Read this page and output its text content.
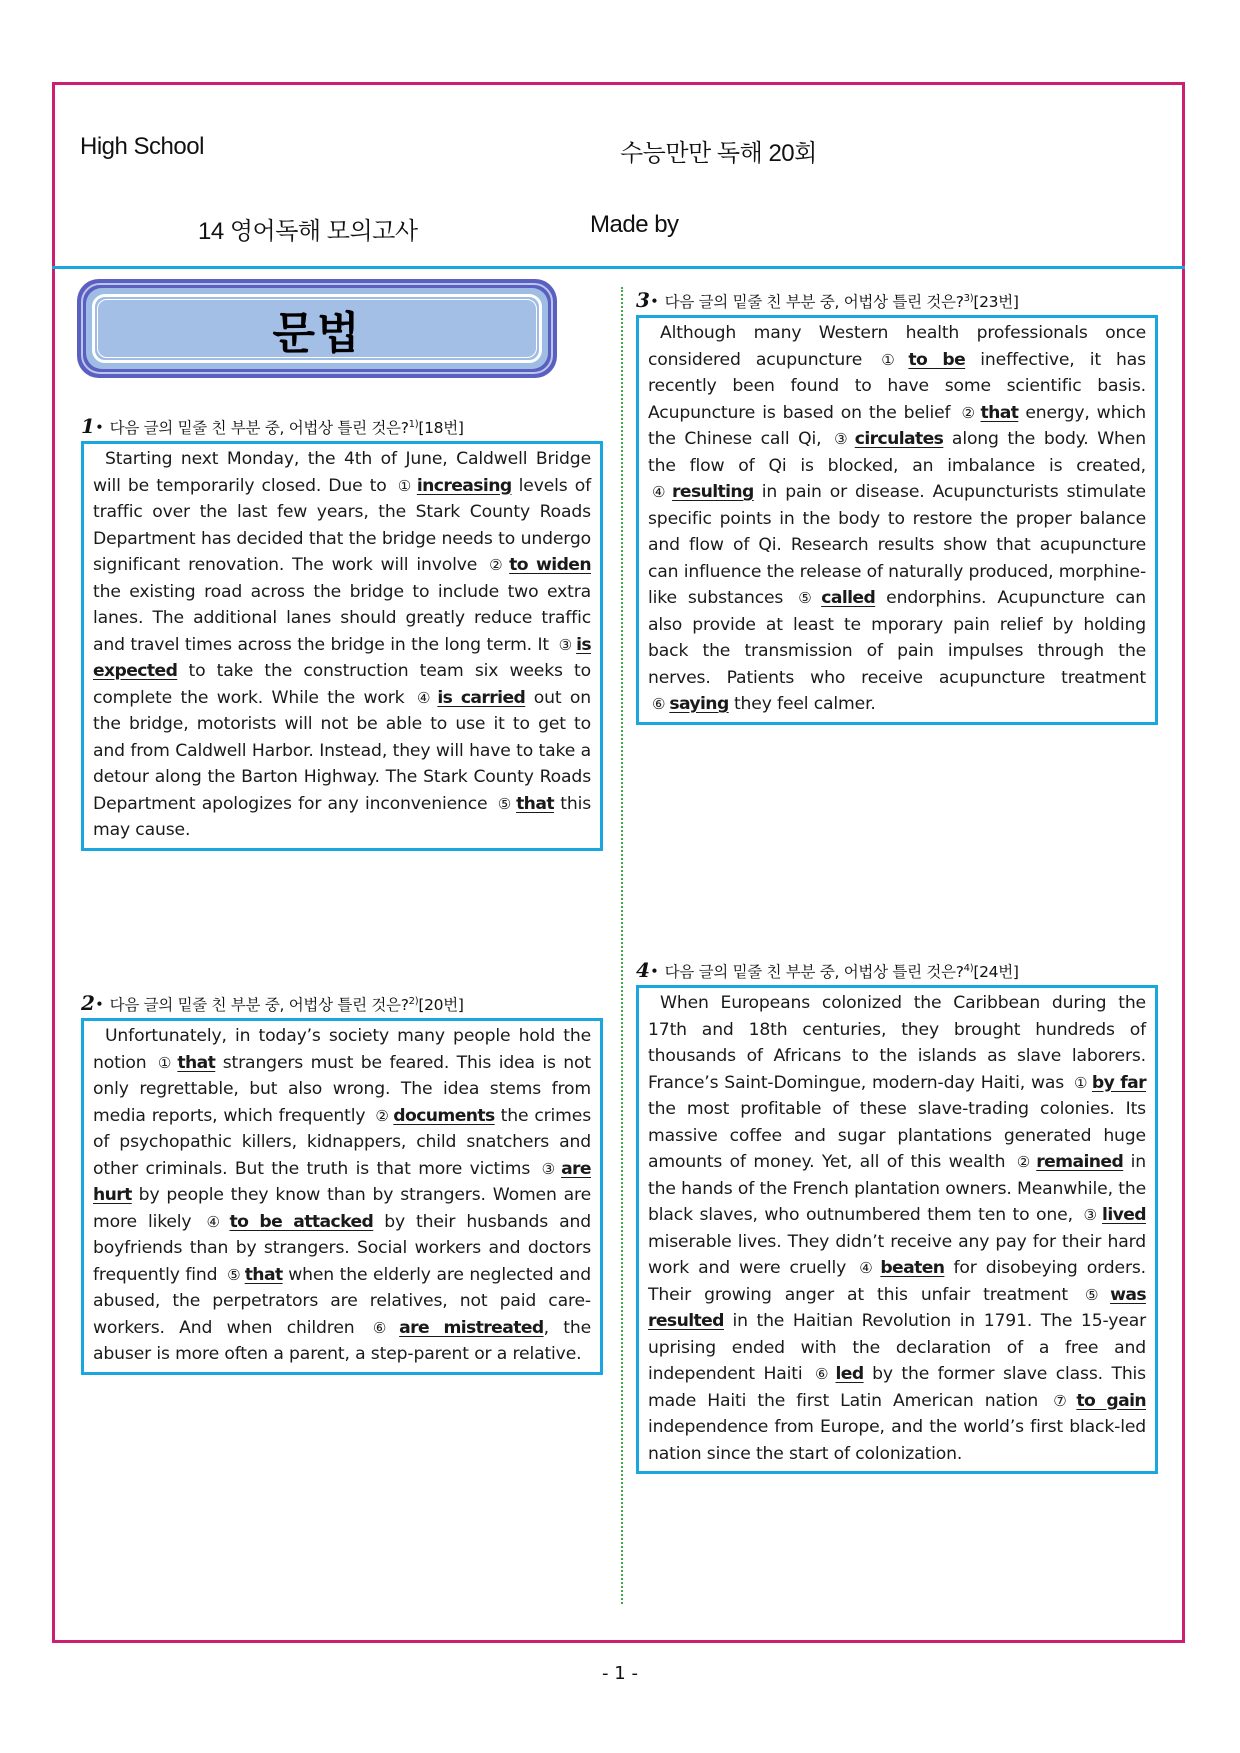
High School	수능만만 독해 20회
14 영어독해 모의고사	Made by
문법
1 • 다음 글의 밑줄 친 부분 중, 어법상 틀린 것은?$^{1)}$[18번]
Starting next Monday, the 4th of June, Caldwell Bridge will be temporarily closed. Due to ① increasing levels of traffic over the last few years, the Stark County Roads Department has decided that the bridge needs to undergo significant renovation. The work will involve ② to widen the existing road across the bridge to include two extra lanes. The additional lanes should greatly reduce traffic and travel times across the bridge in the long term. It ③ is expected to take the construction team six weeks to complete the work. While the work ④ is carried out on the bridge, motorists will not be able to use it to get to and from Caldwell Harbor. Instead, they will have to take a detour along the Barton Highway. The Stark County Roads Department apologizes for any inconvenience ⑤ that this may cause.
2 • 다음 글의 밑줄 친 부분 중, 어법상 틀린 것은?$^{2)}$[20번]
Unfortunately, in today’s society many people hold the notion ① that strangers must be feared. This idea is not only regrettable, but also wrong. The idea stems from media reports, which frequently ② documents the crimes of psychopathic killers, kidnappers, child snatchers and other criminals. But the truth is that more victims ③ are hurt by people they know than by strangers. Women are more likely ④ to be attacked by their husbands and boyfriends than by strangers. Social workers and doctors frequently find ⑤ that when the elderly are neglected and abused, the perpetrators are relatives, not paid care-workers. And when children ⑥ are mistreated, the abuser is more often a parent, a step-parent or a relative.
3 • 다음 글의 밑줄 친 부분 중, 어법상 틀린 것은?$^{3)}$[23번]
Although many Western health professionals once considered acupuncture ① to be ineffective, it has recently been found to have some scientific basis. Acupuncture is based on the belief ② that energy, which the Chinese call Qi, ③ circulates along the body. When the flow of Qi is blocked, an imbalance is created, ④ resulting in pain or disease. Acupuncturists stimulate specific points in the body to restore the proper balance and flow of Qi. Research results show that acupuncture can influence the release of naturally produced, morphine-like substances ⑤ called endorphins. Acupuncture can also provide at least te mporary pain relief by holding back the transmission of pain impulses through the nerves. Patients who receive acupuncture treatment ⑥ saying they feel calmer.
4 • 다음 글의 밑줄 친 부분 중, 어법상 틀린 것은?$^{4)}$[24번]
When Europeans colonized the Caribbean during the 17th and 18th centuries, they brought hundreds of thousands of Africans to the islands as slave laborers. France’s Saint-Domingue, modern-day Haiti, was ① by far the most profitable of these slave-trading colonies. Its massive coffee and sugar plantations generated huge amounts of money. Yet, all of this wealth ② remained in the hands of the French plantation owners. Meanwhile, the black slaves, who outnumbered them ten to one, ③ lived miserable lives. They didn’t receive any pay for their hard work and were cruelly ④ beaten for disobeying orders. Their growing anger at this unfair treatment ⑤ was resulted in the Haitian Revolution in 1791. The 15-year uprising ended with the declaration of a free and independent Haiti ⑥ led by the former slave class. This made Haiti the first Latin American nation ⑦ to gain independence from Europe, and the world’s first black-led nation since the start of colonization.
- 1 -
